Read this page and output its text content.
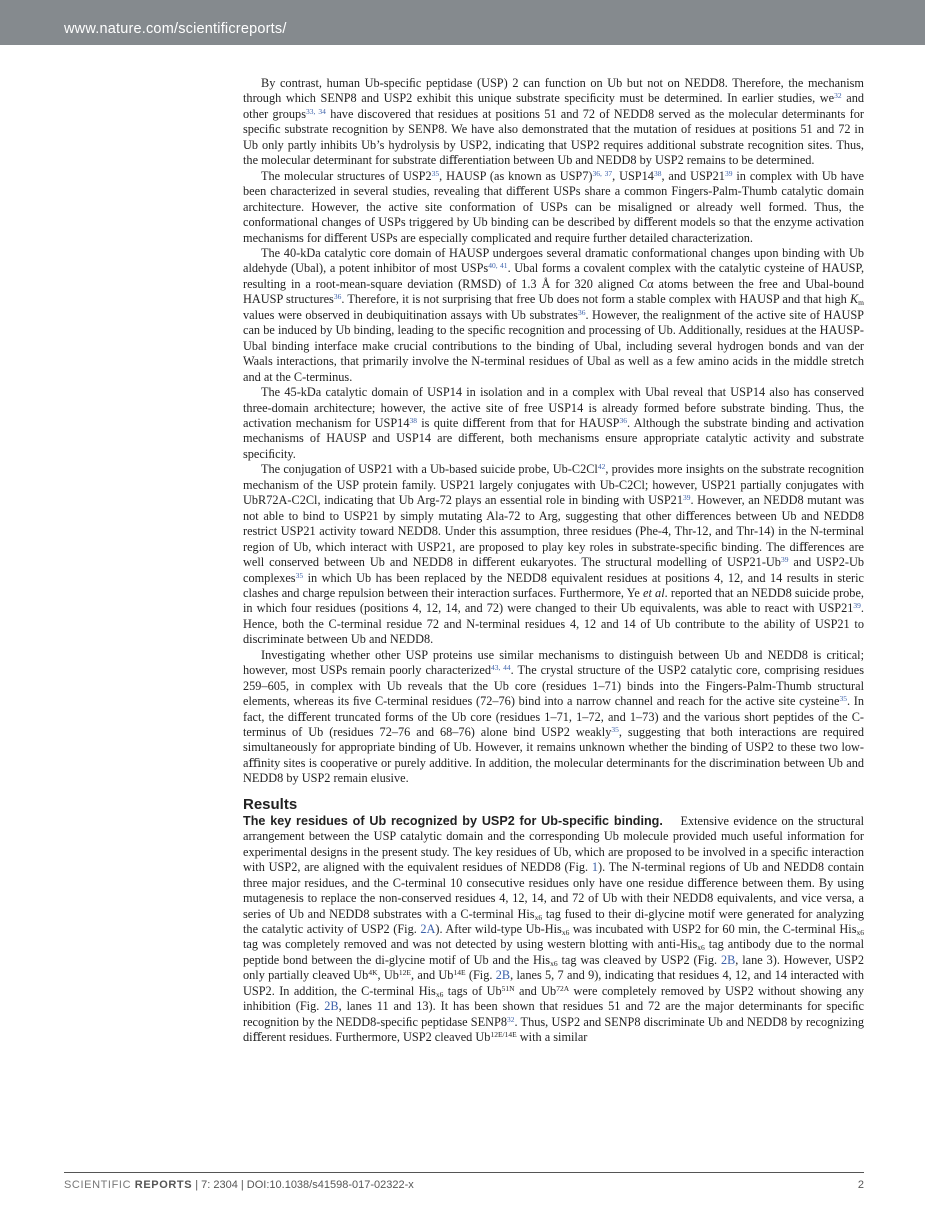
www.nature.com/scientificreports/

By contrast, human Ub-speciﬁc peptidase (USP) 2 can function on Ub but not on NEDD8. Therefore, the mechanism through which SENP8 and USP2 exhibit this unique substrate speciﬁcity must be determined. In earlier studies, $we^{32}$ and other groups$^{33, 34}$ have discovered that residues at positions 51 and 72 of NEDD8 served as the molecular determinants for speciﬁc substrate recognition by SENP8. We have also demonstrated that the mutation of residues at positions 51 and 72 in Ub only partly inhibits Ub’s hydrolysis by USP2, indicating that USP2 requires additional substrate recognition sites. Thus, the molecular determinant for substrate diﬀerentiation between Ub and NEDD8 by USP2 remains to be determined.

The molecular structures of $USP2^{35}$, HAUSP (as known as USP7)$^{36, 37}$, $USP14^{38}$, and $USP21^{39}$ in complex with Ub have been characterized in several studies, revealing that diﬀerent USPs share a common Fingers-Palm-Thumb catalytic domain architecture. However, the active site conformation of USPs can be misaligned or already well formed. Thus, the conformational changes of USPs triggered by Ub binding can be described by diﬀerent models so that the enzyme activation mechanisms for diﬀerent USPs are especially complicated and require further detailed characterization.

The 40-kDa catalytic core domain of HAUSP undergoes several dramatic conformational changes upon binding with Ub aldehyde (Ubal), a potent inhibitor of most USPs$^{40, 41}$. Ubal forms a covalent complex with the catalytic cysteine of HAUSP, resulting in a root-mean-square deviation (RMSD) of 1.3 Å for 320 aligned Cα atoms between the free and Ubal-bound HAUSP structures$^{36}$. Therefore, it is not surprising that free Ub does not form a stable complex with HAUSP and that high $K_m$ values were observed in deubiquitination assays with Ub substrates$^{36}$. However, the realignment of the active site of HAUSP can be induced by Ub binding, leading to the speciﬁc recognition and processing of Ub. Additionally, residues at the HAUSP-Ubal binding interface make crucial contributions to the binding of Ubal, including several hydrogen bonds and van der Waals interactions, that primarily involve the N-terminal residues of Ubal as well as a few amino acids in the middle stretch and at the C-terminus.

The 45-kDa catalytic domain of USP14 in isolation and in a complex with Ubal reveal that USP14 also has conserved three-domain architecture; however, the active site of free USP14 is already formed before substrate binding. Thus, the activation mechanism for $USP14^{38}$ is quite diﬀerent from that for HAUSP$^{36}$. Although the substrate binding and activation mechanisms of HAUSP and USP14 are diﬀerent, both mechanisms ensure appropriate catalytic activity and substrate speciﬁcity.

The conjugation of USP21 with a Ub-based suicide probe, Ub-C2Cl$^{42}$, provides more insights on the substrate recognition mechanism of the USP protein family. USP21 largely conjugates with Ub-C2Cl; however, USP21 partially conjugates with UbR72A-C2Cl, indicating that Ub Arg-72 plays an essential role in binding with $USP21^{39}$. However, an NEDD8 mutant was not able to bind to USP21 by simply mutating Ala-72 to Arg, suggesting that other diﬀerences between Ub and NEDD8 restrict USP21 activity toward NEDD8. Under this assumption, three residues (Phe-4, Thr-12, and Thr-14) in the N-terminal region of Ub, which interact with USP21, are proposed to play key roles in substrate-speciﬁc binding. The diﬀerences are well conserved between Ub and NEDD8 in diﬀerent eukaryotes. The structural modelling of USP21-Ub$^{39}$ and USP2-Ub complexes$^{35}$ in which Ub has been replaced by the NEDD8 equivalent residues at positions 4, 12, and 14 results in steric clashes and charge repulsion between their interaction surfaces. Furthermore, Ye et al. reported that an NEDD8 suicide probe, in which four residues (positions 4, 12, 14, and 72) were changed to their Ub equivalents, was able to react with $USP21^{39}$. Hence, both the C-terminal residue 72 and N-terminal residues 4, 12 and 14 of Ub contribute to the ability of USP21 to discriminate between Ub and NEDD8.

Investigating whether other USP proteins use similar mechanisms to distinguish between Ub and NEDD8 is critical; however, most USPs remain poorly characterized$^{43, 44}$. The crystal structure of the USP2 catalytic core, comprising residues 259–605, in complex with Ub reveals that the Ub core (residues 1–71) binds into the Fingers-Palm-Thumb structural elements, whereas its ﬁve C-terminal residues (72–76) bind into a narrow channel and reach for the active site cysteine$^{35}$. In fact, the diﬀerent truncated forms of the Ub core (residues 1–71, 1–72, and 1–73) and the various short peptides of the C-terminus of Ub (residues 72–76 and 68–76) alone bind USP2 weakly$^{35}$, suggesting that both interactions are required simultaneously for appropriate binding of Ub. However, it remains unknown whether the binding of USP2 to these two low-aﬃnity sites is cooperative or purely additive. In addition, the molecular determinants for the discrimination between Ub and NEDD8 by USP2 remain elusive.

Results

The key residues of Ub recognized by USP2 for Ub-speciﬁc binding. Extensive evidence on the structural arrangement between the USP catalytic domain and the corresponding Ub molecule provided much useful information for experimental designs in the present study. The key residues of Ub, which are proposed to be involved in a speciﬁc interaction with USP2, are aligned with the equivalent residues of NEDD8 (Fig. 1). The N-terminal regions of Ub and NEDD8 contain three major residues, and the C-terminal 10 consecutive residues only have one residue diﬀerence between them. By using mutagenesis to replace the non-conserved residues 4, 12, 14, and 72 of Ub with their NEDD8 equivalents, and vice versa, a series of Ub and NEDD8 substrates with a C-terminal His$_{x6}$ tag fused to their di-glycine motif were generated for analyzing the catalytic activity of USP2 (Fig. 2A). After wild-type Ub-His$_{x6}$ was incubated with USP2 for 60 min, the C-terminal His$_{x6}$ tag was completely removed and was not detected by using western blotting with anti-His$_{x6}$ tag antibody due to the normal peptide bond between the di-glycine motif of Ub and the His$_{x6}$ tag was cleaved by USP2 (Fig. 2B, lane 3). However, USP2 only partially cleaved $Ub^{4K}$, $Ub^{12E}$, and $Ub^{14E}$ (Fig. 2B, lanes 5, 7 and 9), indicating that residues 4, 12, and 14 interacted with USP2. In addition, the C-terminal His$_{x6}$ tags of $Ub^{51N}$ and $Ub^{72A}$ were completely removed by USP2 without showing any inhibition (Fig. 2B, lanes 11 and 13). It has been shown that residues 51 and 72 are the major determinants for speciﬁc recognition by the NEDD8-speciﬁc peptidase $SENP8^{32}$. Thus, USP2 and SENP8 discriminate Ub and NEDD8 by recognizing diﬀerent residues. Furthermore, USP2 cleaved $Ub^{12E/14E}$ with a similar

SCIENTIFIC REPORTS | 7: 2304 | DOI:10.1038/s41598-017-02322-x	2
